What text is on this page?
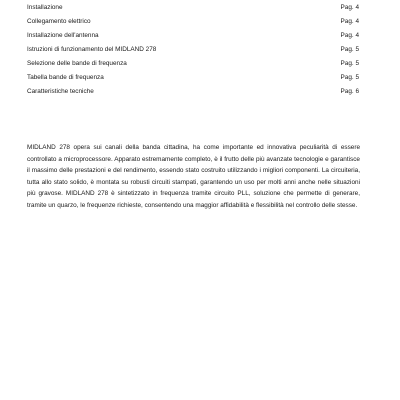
Installazione	Pag. 4
Collegamento elettrico	Pag. 4
Installazione dell'antenna	Pag. 4
Istruzioni di funzionamento del MIDLAND 278	Pag. 5
Selezione delle bande di frequenza	Pag. 5
Tabella bande di frequenza	Pag. 5
Caratteristiche tecniche	Pag. 6

MIDLAND 278 opera sui canali della banda cittadina, ha come importante ed innovativa peculiarità di essere controllato a microprocessore. Apparato estremamente completo, è il frutto delle più avanzate tecnologie e garantisce il massimo delle prestazioni e del rendimento, essendo stato costruito utilizzando i migliori componenti. La circuiteria, tutta allo stato solido, è montata su robusti circuiti stampati, garantendo un uso per molti anni anche nelle situazioni più gravose. MIDLAND 278 è sintetizzato in frequenza tramite circuito PLL, soluzione che permette di generare, tramite un quarzo, le frequenze richieste, consentendo una maggior affidabilità e flessibilità nel controllo delle stesse.
